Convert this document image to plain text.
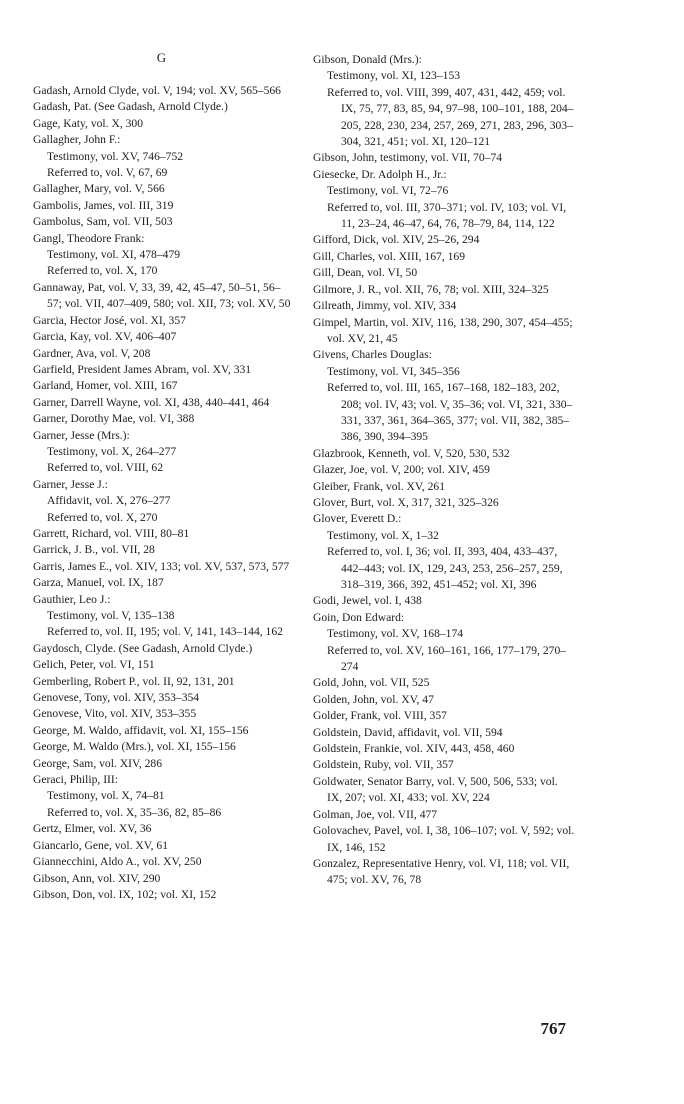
G
Gadash, Arnold Clyde, vol. V, 194; vol. XV, 565–566
Gadash, Pat. (See Gadash, Arnold Clyde.)
Gage, Katy, vol. X, 300
Gallagher, John F.:
Testimony, vol. XV, 746–752
Referred to, vol. V, 67, 69
Gallagher, Mary, vol. V, 566
Gambolis, James, vol. III, 319
Gambolus, Sam, vol. VII, 503
Gangl, Theodore Frank:
Testimony, vol. XI, 478–479
Referred to, vol. X, 170
Gannaway, Pat, vol. V, 33, 39, 42, 45–47, 50–51, 56–57; vol. VII, 407–409, 580; vol. XII, 73; vol. XV, 50
Garcia, Hector José, vol. XI, 357
Garcia, Kay, vol. XV, 406–407
Gardner, Ava, vol. V, 208
Garfield, President James Abram, vol. XV, 331
Garland, Homer, vol. XIII, 167
Garner, Darrell Wayne, vol. XI, 438, 440–441, 464
Garner, Dorothy Mae, vol. VI, 388
Garner, Jesse (Mrs.):
Testimony, vol. X, 264–277
Referred to, vol. VIII, 62
Garner, Jesse J.:
Affidavit, vol. X, 276–277
Referred to, vol. X, 270
Garrett, Richard, vol. VIII, 80–81
Garrick, J. B., vol. VII, 28
Garris, James E., vol. XIV, 133; vol. XV, 537, 573, 577
Garza, Manuel, vol. IX, 187
Gauthier, Leo J.:
Testimony, vol. V, 135–138
Referred to, vol. II, 195; vol. V, 141, 143–144, 162
Gaydosch, Clyde. (See Gadash, Arnold Clyde.)
Gelich, Peter, vol. VI, 151
Gemberling, Robert P., vol. II, 92, 131, 201
Genovese, Tony, vol. XIV, 353–354
Genovese, Vito, vol. XIV, 353–355
George, M. Waldo, affidavit, vol. XI, 155–156
George, M. Waldo (Mrs.), vol. XI, 155–156
George, Sam, vol. XIV, 286
Geraci, Philip, III:
Testimony, vol. X, 74–81
Referred to, vol. X, 35–36, 82, 85–86
Gertz, Elmer, vol. XV, 36
Giancarlo, Gene, vol. XV, 61
Giannecchini, Aldo A., vol. XV, 250
Gibson, Ann, vol. XIV, 290
Gibson, Don, vol. IX, 102; vol. XI, 152
Gibson, Donald (Mrs.):
Testimony, vol. XI, 123–153
Referred to, vol. VIII, 399, 407, 431, 442, 459; vol. IX, 75, 77, 83, 85, 94, 97–98, 100–101, 188, 204–205, 228, 230, 234, 257, 269, 271, 283, 296, 303–304, 321, 451; vol. XI, 120–121
Gibson, John, testimony, vol. VII, 70–74
Giesecke, Dr. Adolph H., Jr.:
Testimony, vol. VI, 72–76
Referred to, vol. III, 370–371; vol. IV, 103; vol. VI, 11, 23–24, 46–47, 64, 76, 78–79, 84, 114, 122
Gifford, Dick, vol. XIV, 25–26, 294
Gill, Charles, vol. XIII, 167, 169
Gill, Dean, vol. VI, 50
Gilmore, J. R., vol. XII, 76, 78; vol. XIII, 324–325
Gilreath, Jimmy, vol. XIV, 334
Gimpel, Martin, vol. XIV, 116, 138, 290, 307, 454–455; vol. XV, 21, 45
Givens, Charles Douglas:
Testimony, vol. VI, 345–356
Referred to, vol. III, 165, 167–168, 182–183, 202, 208; vol. IV, 43; vol. V, 35–36; vol. VI, 321, 330–331, 337, 361, 364–365, 377; vol. VII, 382, 385–386, 390, 394–395
Glazbrook, Kenneth, vol. V, 520, 530, 532
Glazer, Joe, vol. V, 200; vol. XIV, 459
Gleiber, Frank, vol. XV, 261
Glover, Burt, vol. X, 317, 321, 325–326
Glover, Everett D.:
Testimony, vol. X, 1–32
Referred to, vol. I, 36; vol. II, 393, 404, 433–437, 442–443; vol. IX, 129, 243, 253, 256–257, 259, 318–319, 366, 392, 451–452; vol. XI, 396
Godi, Jewel, vol. I, 438
Goin, Don Edward:
Testimony, vol. XV, 168–174
Referred to, vol. XV, 160–161, 166, 177–179, 270–274
Gold, John, vol. VII, 525
Golden, John, vol. XV, 47
Golder, Frank, vol. VIII, 357
Goldstein, David, affidavit, vol. VII, 594
Goldstein, Frankie, vol. XIV, 443, 458, 460
Goldstein, Ruby, vol. VII, 357
Goldwater, Senator Barry, vol. V, 500, 506, 533; vol. IX, 207; vol. XI, 433; vol. XV, 224
Golman, Joe, vol. VII, 477
Golovachev, Pavel, vol. I, 38, 106–107; vol. V, 592; vol. IX, 146, 152
Gonzalez, Representative Henry, vol. VI, 118; vol. VII, 475; vol. XV, 76, 78
767
